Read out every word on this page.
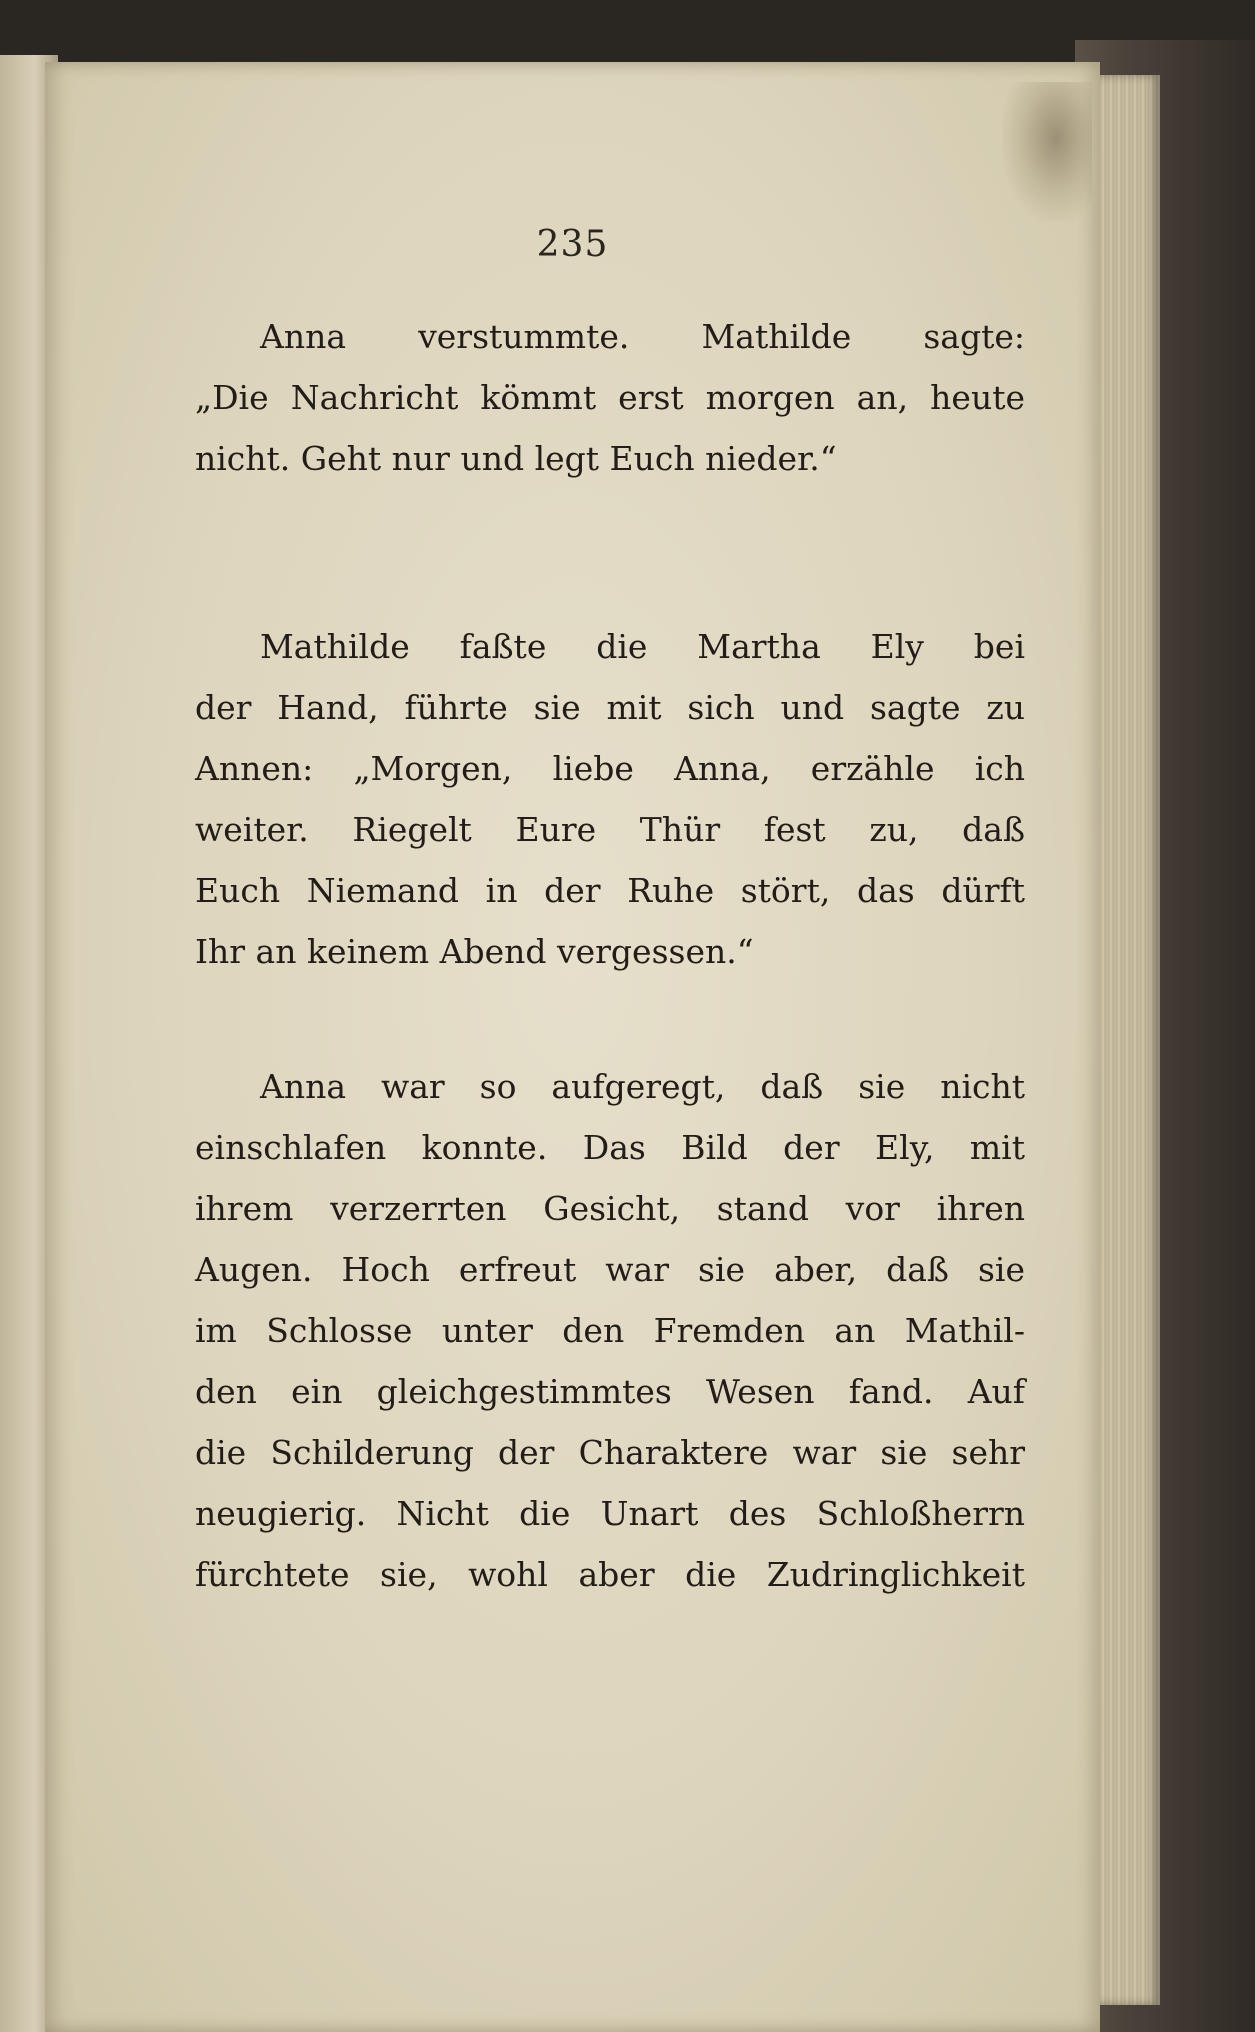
235
Anna verstummte. Mathilde sagte:
„Die Nachricht kömmt erst morgen an, heute
nicht. Geht nur und legt Euch nieder.“
Mathilde faßte die Martha Ely bei
der Hand, führte sie mit sich und sagte zu
Annen: „Morgen, liebe Anna, erzähle ich
weiter. Riegelt Eure Thür fest zu, daß
Euch Niemand in der Ruhe stört, das dürft
Ihr an keinem Abend vergessen.“
Anna war so aufgeregt, daß sie nicht
einschlafen konnte. Das Bild der Ely, mit
ihrem verzerrten Gesicht, stand vor ihren
Augen. Hoch erfreut war sie aber, daß sie
im Schlosse unter den Fremden an Mathil-
den ein gleichgestimmtes Wesen fand. Auf
die Schilderung der Charaktere war sie sehr
neugierig. Nicht die Unart des Schloßherrn
fürchtete sie, wohl aber die Zudringlichkeit
